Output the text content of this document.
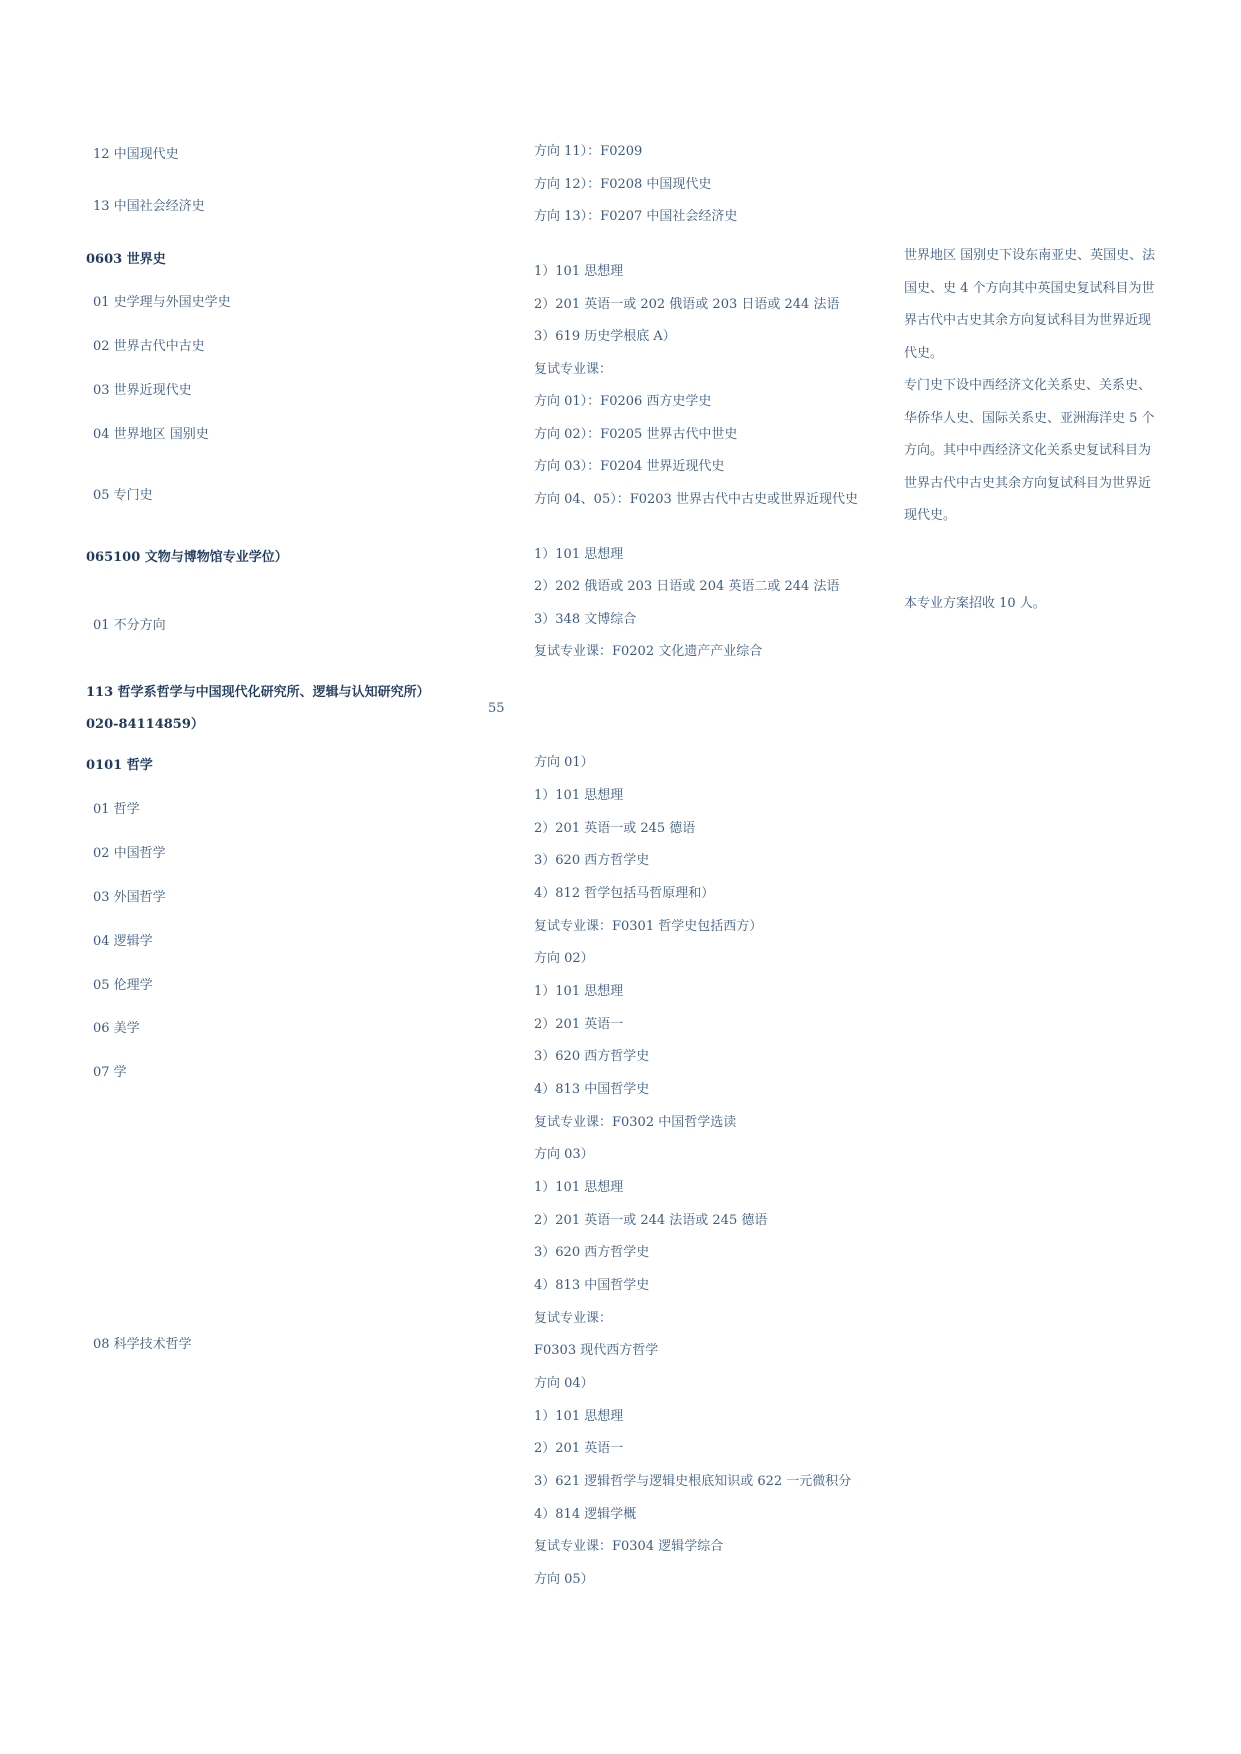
12 中国现代史
13 中国社会经济史
0603 世界史
01 史学理与外国史学史
02 世界古代中古史
03 世界近现代史
04 世界地区 国别史
05 专门史
065100 文物与博物馆专业学位）
01 不分方向
113 哲学系哲学与中国现代化研究所、逻辑与认知研究所）
020-84114859）
55
0101 哲学
01 哲学
02 中国哲学
03 外国哲学
04 逻辑学
05 伦理学
06 美学
07 学
08 科学技术哲学
方向 11）：F0209
方向 12）：F0208 中国现代史
方向 13）：F0207 中国社会经济史
1）101 思想理
2）201 英语一或 202 俄语或 203 日语或 244 法语
3）619 历史学根底 A）
复试专业课：
方向 01）：F0206 西方史学史
方向 02）：F0205 世界古代中世史
方向 03）：F0204 世界近现代史
方向 04、05）：F0203 世界古代中古史或世界近现代史
1）101 思想理
2）202 俄语或 203 日语或 204 英语二或 244 法语
3）348 文博综合
复试专业课：F0202 文化遗产产业综合
方向 01）
1）101 思想理
2）201 英语一或 245 德语
3）620 西方哲学史
4）812 哲学包括马哲原理和）
复试专业课：F0301 哲学史包括西方）
方向 02）
1）101 思想理
2）201 英语一
3）620 西方哲学史
4）813 中国哲学史
复试专业课：F0302 中国哲学选读
方向 03）
1）101 思想理
2）201 英语一或 244 法语或 245 德语
3）620 西方哲学史
4）813 中国哲学史
复试专业课：
F0303 现代西方哲学
方向 04）
1）101 思想理
2）201 英语一
3）621 逻辑哲学与逻辑史根底知识或 622 一元微积分
4）814 逻辑学概
复试专业课：F0304 逻辑学综合
方向 05）
世界地区 国别史下设东南亚史、英国史、法国史、史 4 个方向其中英国史复试科目为世界古代中古史其余方向复试科目为世界近现代史。
专门史下设中西经济文化关系史、关系史、华侨华人史、国际关系史、亚洲海洋史 5 个方向。其中中西经济文化关系史复试科目为世界古代中古史其余方向复试科目为世界近现代史。
本专业方案招收 10 人。
